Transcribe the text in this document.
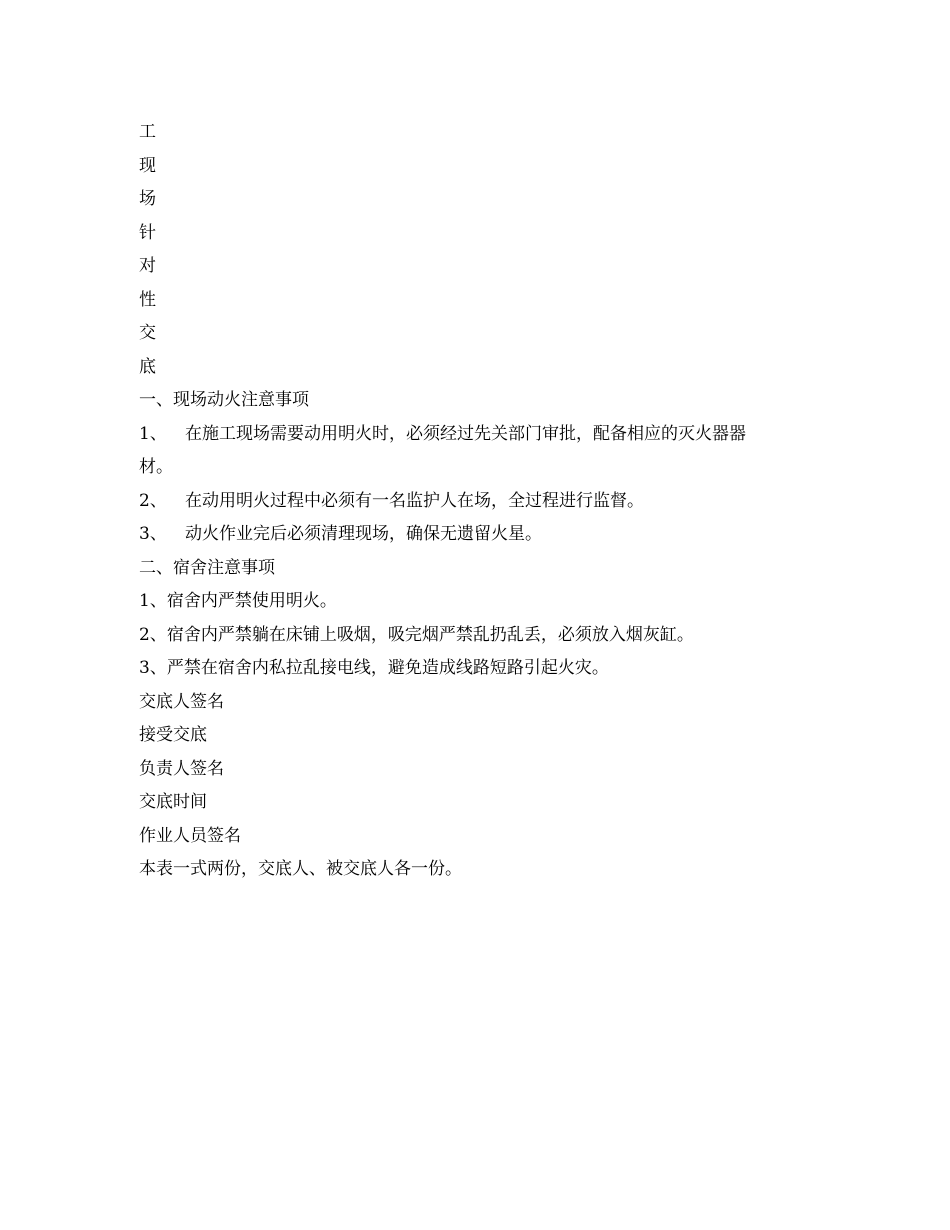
工
现
场
针
对
性
交
底
一、现场动火注意事项
1、 在施工现场需要动用明火时，必须经过先关部门审批，配备相应的灭火器器
材。
2、 在动用明火过程中必须有一名监护人在场，全过程进行监督。
3、 动火作业完后必须清理现场，确保无遗留火星。
二、宿舍注意事项
1、宿舍内严禁使用明火。
2、宿舍内严禁躺在床铺上吸烟，吸完烟严禁乱扔乱丢，必须放入烟灰缸。
3、严禁在宿舍内私拉乱接电线，避免造成线路短路引起火灾。
交底人签名
接受交底
负责人签名
交底时间
作业人员签名
本表一式两份，交底人、被交底人各一份。
